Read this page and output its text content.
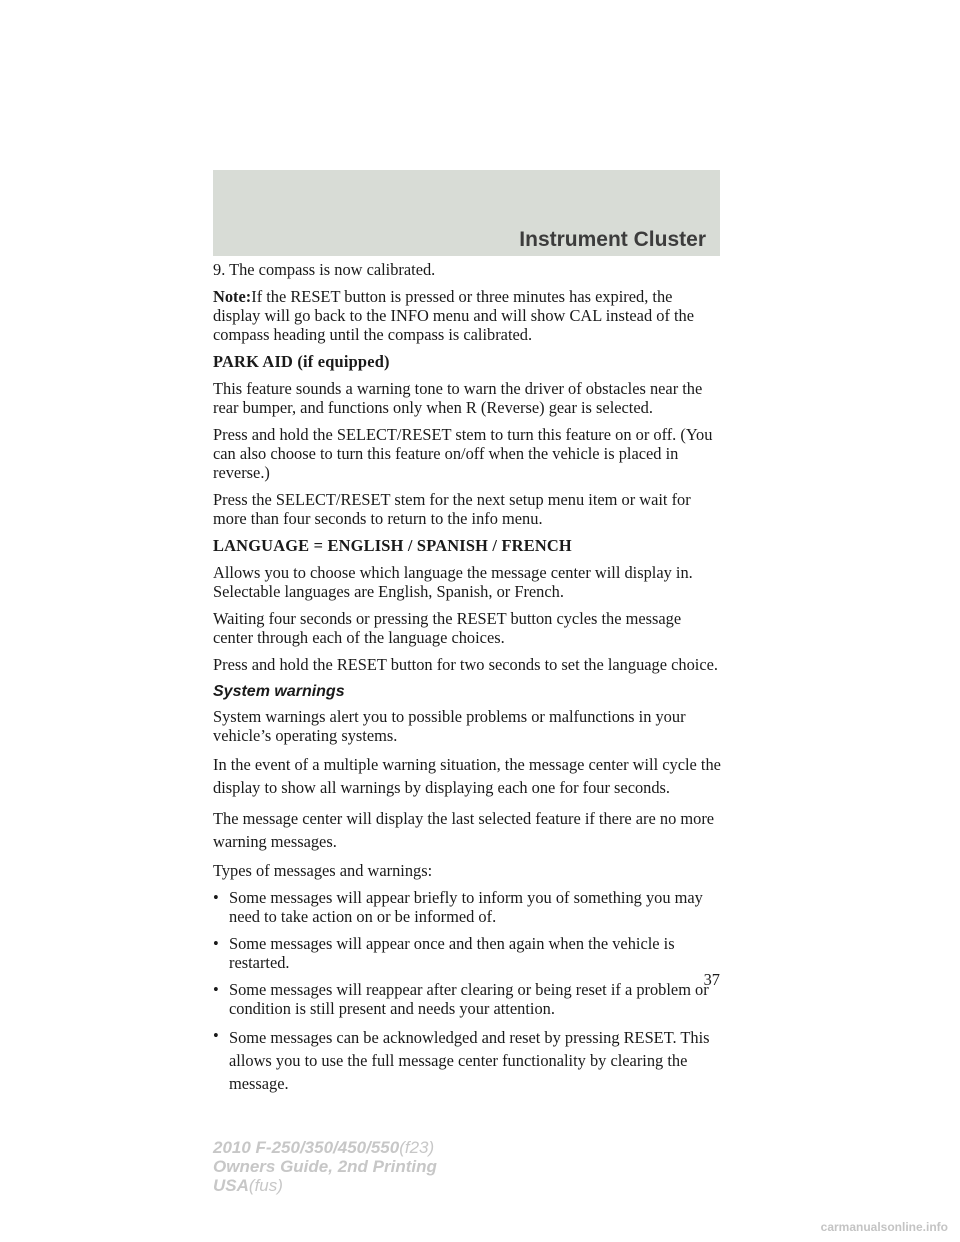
Instrument Cluster

9. The compass is now calibrated.

Note:If the RESET button is pressed or three minutes has expired, the display will go back to the INFO menu and will show CAL instead of the compass heading until the compass is calibrated.

PARK AID (if equipped)

This feature sounds a warning tone to warn the driver of obstacles near the rear bumper, and functions only when R (Reverse) gear is selected.

Press and hold the SELECT/RESET stem to turn this feature on or off. (You can also choose to turn this feature on/off when the vehicle is placed in reverse.)

Press the SELECT/RESET stem for the next setup menu item or wait for more than four seconds to return to the info menu.

LANGUAGE = ENGLISH / SPANISH / FRENCH

Allows you to choose which language the message center will display in. Selectable languages are English, Spanish, or French.

Waiting four seconds or pressing the RESET button cycles the message center through each of the language choices.

Press and hold the RESET button for two seconds to set the language choice.

System warnings

System warnings alert you to possible problems or malfunctions in your vehicle’s operating systems.

In the event of a multiple warning situation, the message center will cycle the display to show all warnings by displaying each one for four seconds.

The message center will display the last selected feature if there are no more warning messages.

Types of messages and warnings:

• Some messages will appear briefly to inform you of something you may need to take action on or be informed of.
• Some messages will appear once and then again when the vehicle is restarted.
• Some messages will reappear after clearing or being reset if a problem or condition is still present and needs your attention.
• Some messages can be acknowledged and reset by pressing RESET. This allows you to use the full message center functionality by clearing the message.
37
2010 F-250/350/450/550(f23)
Owners Guide, 2nd Printing
USA(fus)
carmanualsonline.info
